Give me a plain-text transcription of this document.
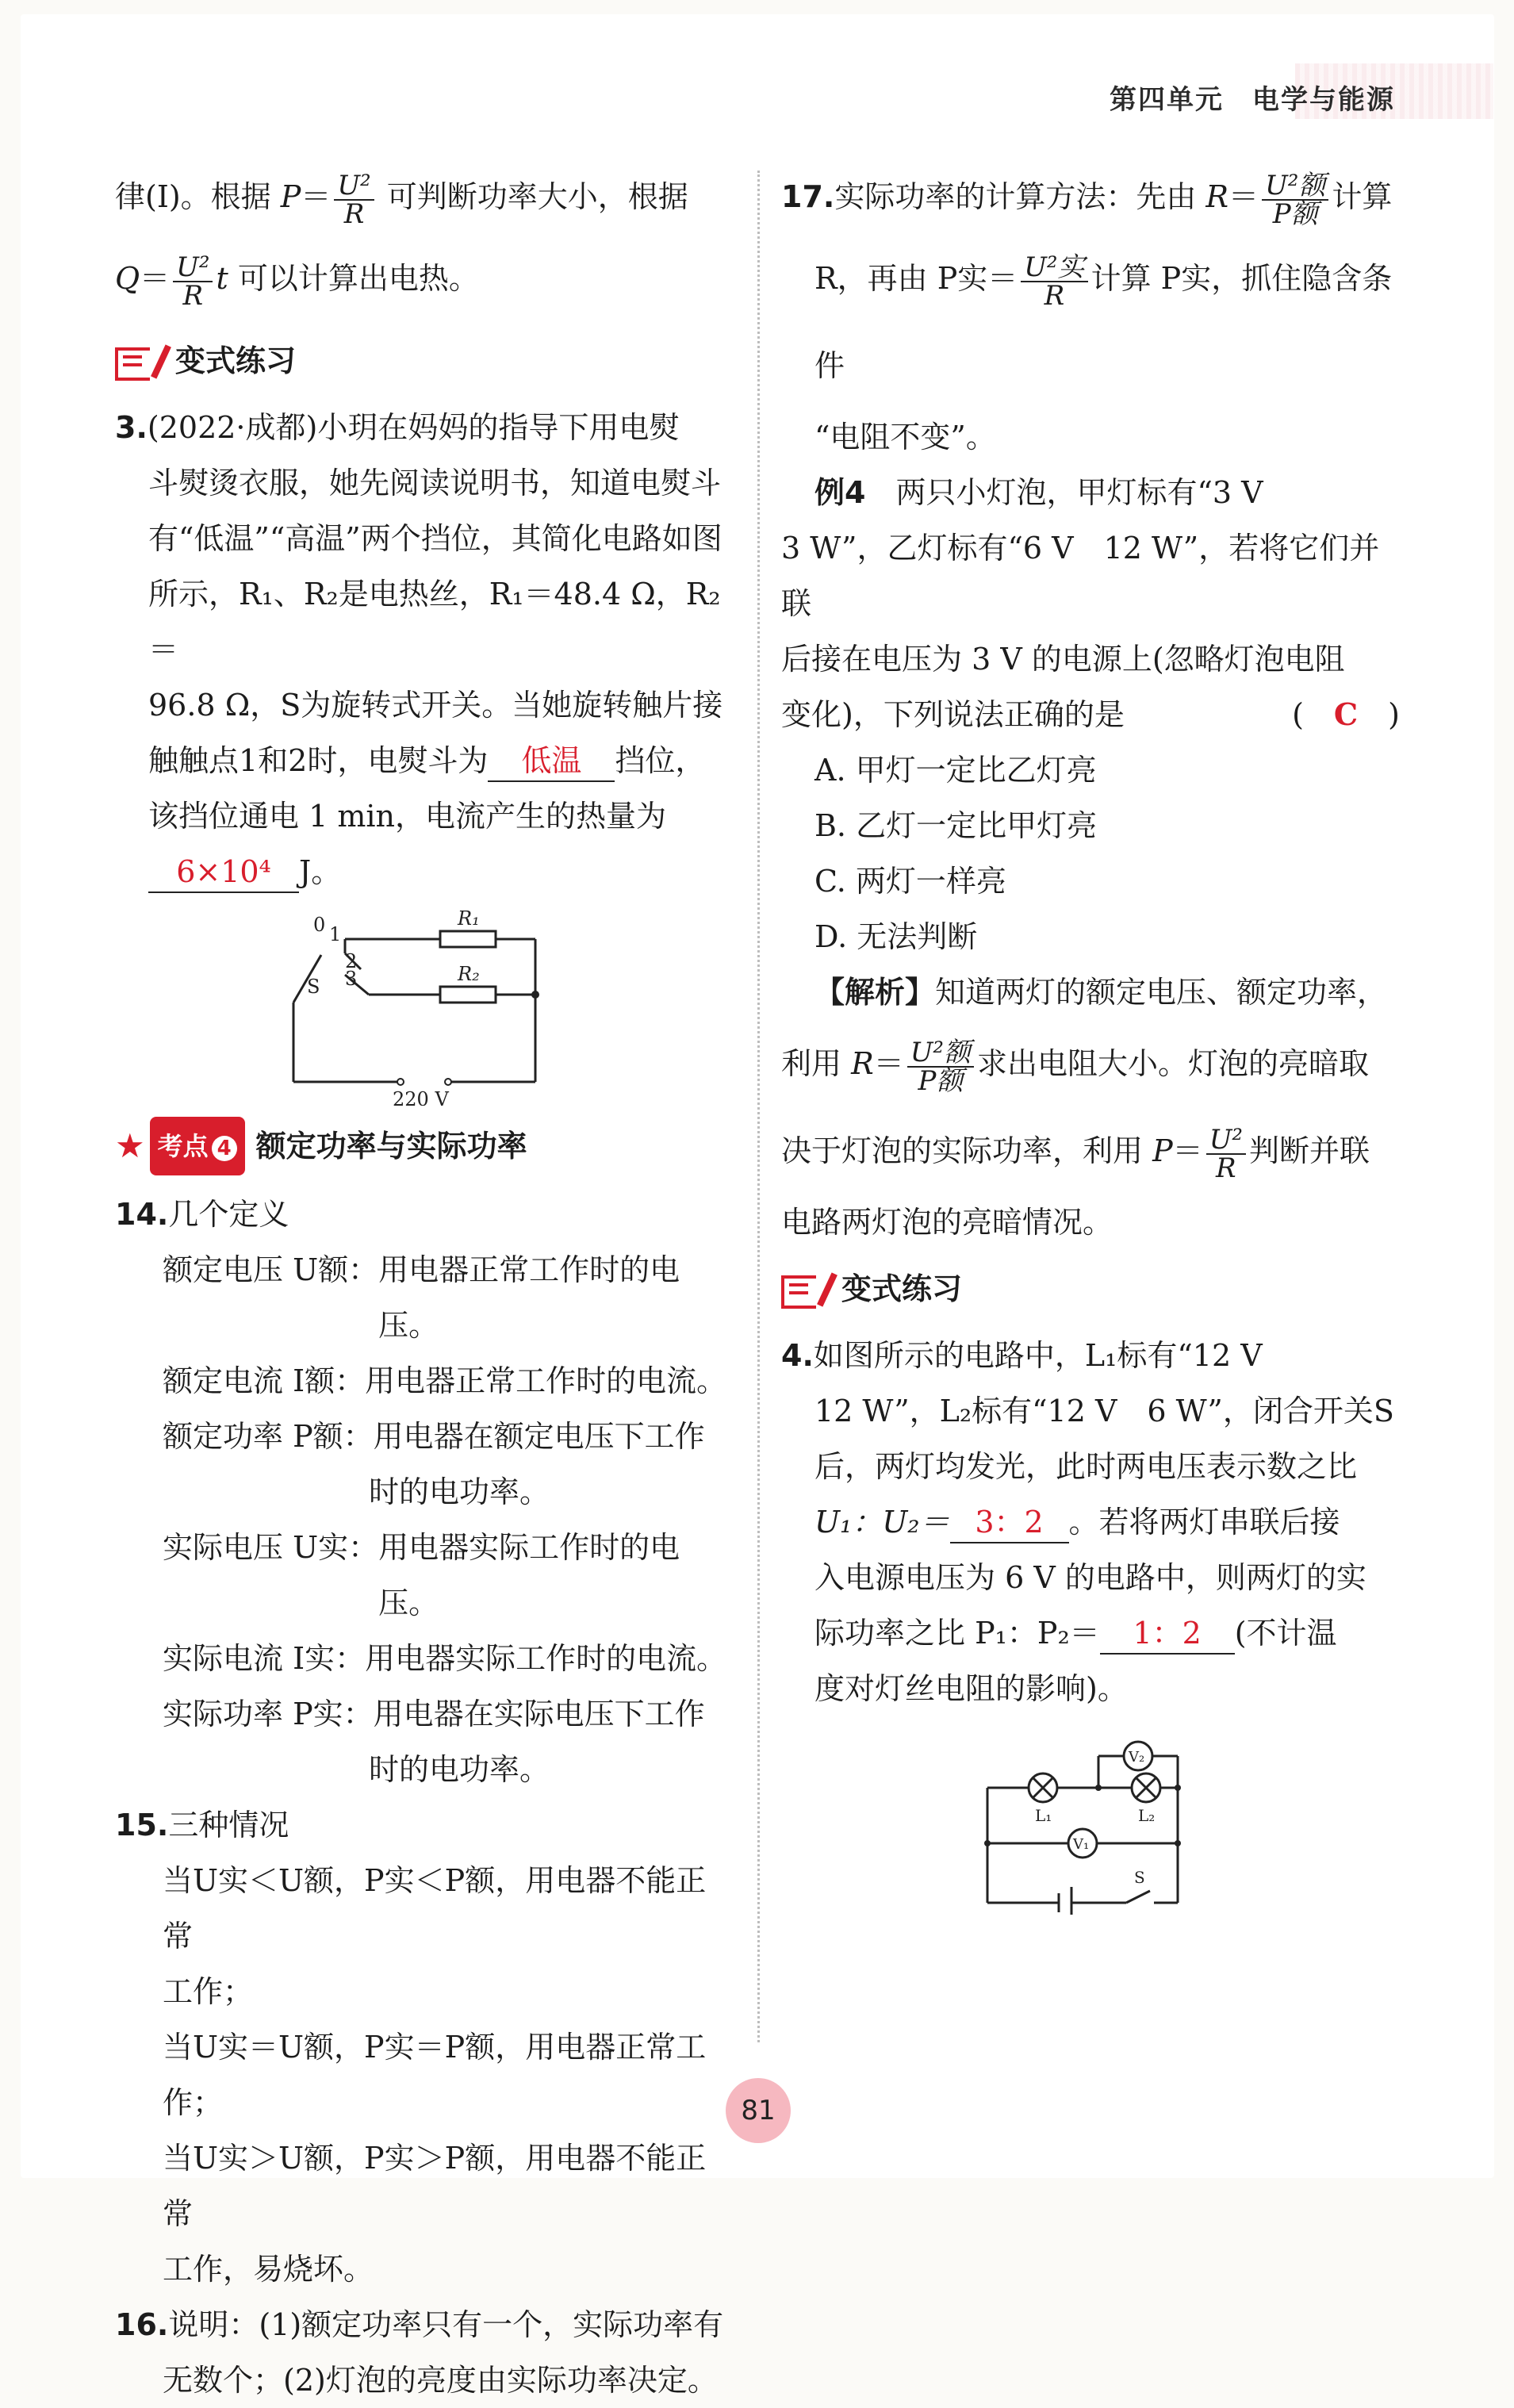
第四单元　电学与能源

律(Ⅰ)。根据 $P= \frac{\text{U²}}{R}$ 可判断功率大小，根据

$Q= \frac{\text{U²}}{R}$ t 可以计算出电热。

变式练习

3.(2022·成都)小玥在妈妈的指导下用电熨

斗熨烫衣服，她先阅读说明书，知道电熨斗

有“低温”“高温”两个挡位，其简化电路如图

所示，R₁、R₂是电热丝，R₁＝48.4 Ω，R₂＝

96.8 Ω，S为旋转式开关。当她旋转触片接

触触点1和2时，电熨斗为 低温 挡位，

该挡位通电 1 min，电流产生的热量为

6×10⁴ J。

R₁
R₂
0 1
2
3
S
220 V
★ 考点 4 额定功率与实际功率

14.几个定义

额定电压 U额： 用电器正常工作时的电压。
额定电流 I额： 用电器正常工作时的电流。
额定功率 P额： 用电器在额定电压下工作
时的电功率。
实际电压 U实： 用电器实际工作时的电压。
实际电流 I实： 用电器实际工作时的电流。
实际功率 P实： 用电器在实际电压下工作
时的电功率。

15.三种情况

当U实＜U额，P实＜P额，用电器不能正常

工作；

当U实＝U额，P实＝P额，用电器正常工作；

当U实＞U额，P实＞P额，用电器不能正常

工作，易烧坏。

16.说明：(1)额定功率只有一个，实际功率有

无数个；(2)灯泡的亮度由实际功率决定。

17.实际功率的计算方法：先由 $R= \frac{\text{U²额}}{\text{P额}}$ 计算

R，再由 P实＝ $\frac{\text{U²实}}{R}$ 计算 P实，抓住隐含条件

“电阻不变”。

例4　 两只小灯泡，甲灯标有“3 V

3 W”，乙灯标有“6 V　12 W”，若将它们并联

后接在电压为 3 V 的电源上(忽略灯泡电阻

变化)，下列说法正确的是	(　C　)

A. 甲灯一定比乙灯亮

B. 乙灯一定比甲灯亮

C. 两灯一样亮

D. 无法判断

【解析】知道两灯的额定电压、额定功率，

利用 $R= \frac{\text{U²额}}{\text{P额}}$ 求出电阻大小。灯泡的亮暗取

决于灯泡的实际功率，利用 $P= \frac{\text{U²}}{R}$ 判断并联

电路两灯泡的亮暗情况。

变式练习

4.如图所示的电路中，L₁标有“12 V

12 W”，L₂标有“12 V　6 W”，闭合开关S

后，两灯均发光，此时两电压表示数之比

U₁：U₂＝ 3：2 。若将两灯串联后接

入电源电压为 6 V 的电路中，则两灯的实

际功率之比 P₁：P₂＝ 1：2 (不计温

度对灯丝电阻的影响)。

L₁	L₂
V₂
V₁
S
81
